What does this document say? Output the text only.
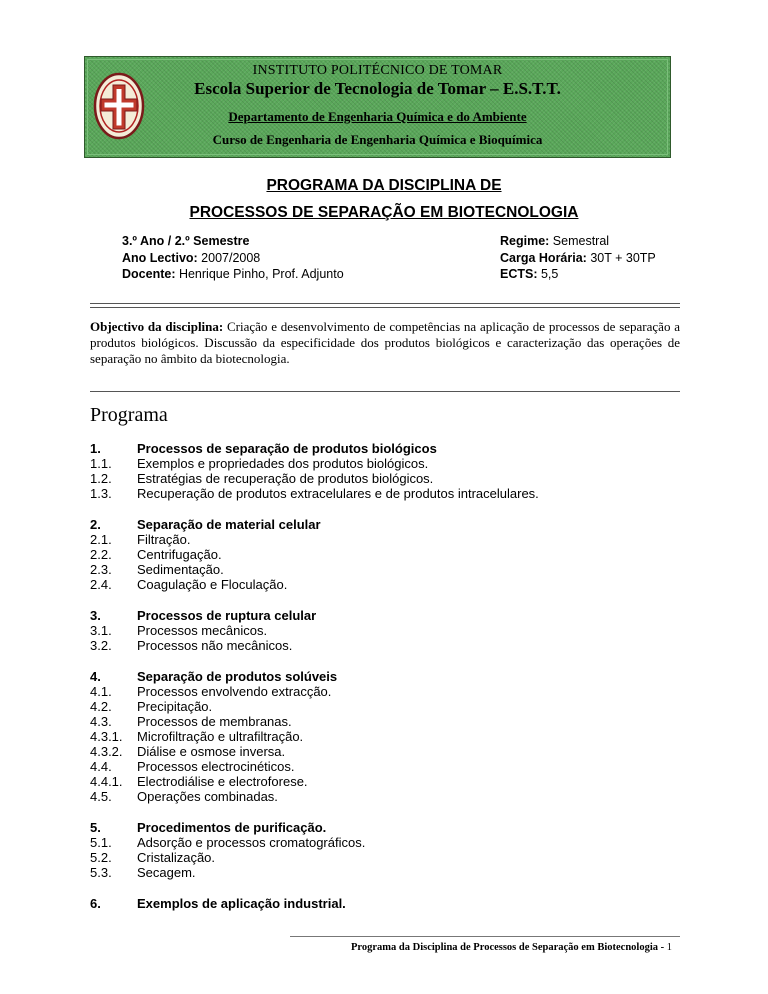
INSTITUTO POLITÉCNICO DE TOMAR
Escola Superior de Tecnologia de Tomar – E.S.T.T.
Departamento de Engenharia Química e do Ambiente
Curso de Engenharia de Engenharia Química e Bioquímica
PROGRAMA DA DISCIPLINA DE
PROCESSOS DE SEPARAÇÃO EM BIOTECNOLOGIA
3.º Ano / 2.º Semestre
Ano Lectivo: 2007/2008
Docente: Henrique Pinho, Prof. Adjunto
Regime: Semestral
Carga Horária: 30T + 30TP
ECTS: 5,5
Objectivo da disciplina: Criação e desenvolvimento de competências na aplicação de processos de separação a produtos biológicos. Discussão da especificidade dos produtos biológicos e caracterização das operações de separação no âmbito da biotecnologia.
Programa
1.	Processos de separação de produtos biológicos
1.1.	Exemplos e propriedades dos produtos biológicos.
1.2.	Estratégias de recuperação de produtos biológicos.
1.3.	Recuperação de produtos extracelulares e de produtos intracelulares.
2.	Separação de material celular
2.1.	Filtração.
2.2.	Centrifugação.
2.3.	Sedimentação.
2.4.	Coagulação e Floculação.
3.	Processos de ruptura celular
3.1.	Processos mecânicos.
3.2.	Processos não mecânicos.
4.	Separação de produtos solúveis
4.1.	Processos envolvendo extracção.
4.2.	Precipitação.
4.3.	Processos de membranas.
4.3.1.	Microfiltração e ultrafiltração.
4.3.2.	Diálise e osmose inversa.
4.4.	Processos electrocinéticos.
4.4.1.	Electrodiálise e electroforese.
4.5.	Operações combinadas.
5.	Procedimentos de purificação.
5.1.	Adsorção e processos cromatográficos.
5.2.	Cristalização.
5.3.	Secagem.
6.	Exemplos de aplicação industrial.
Programa da Disciplina de Processos de Separação em Biotecnologia - 1
